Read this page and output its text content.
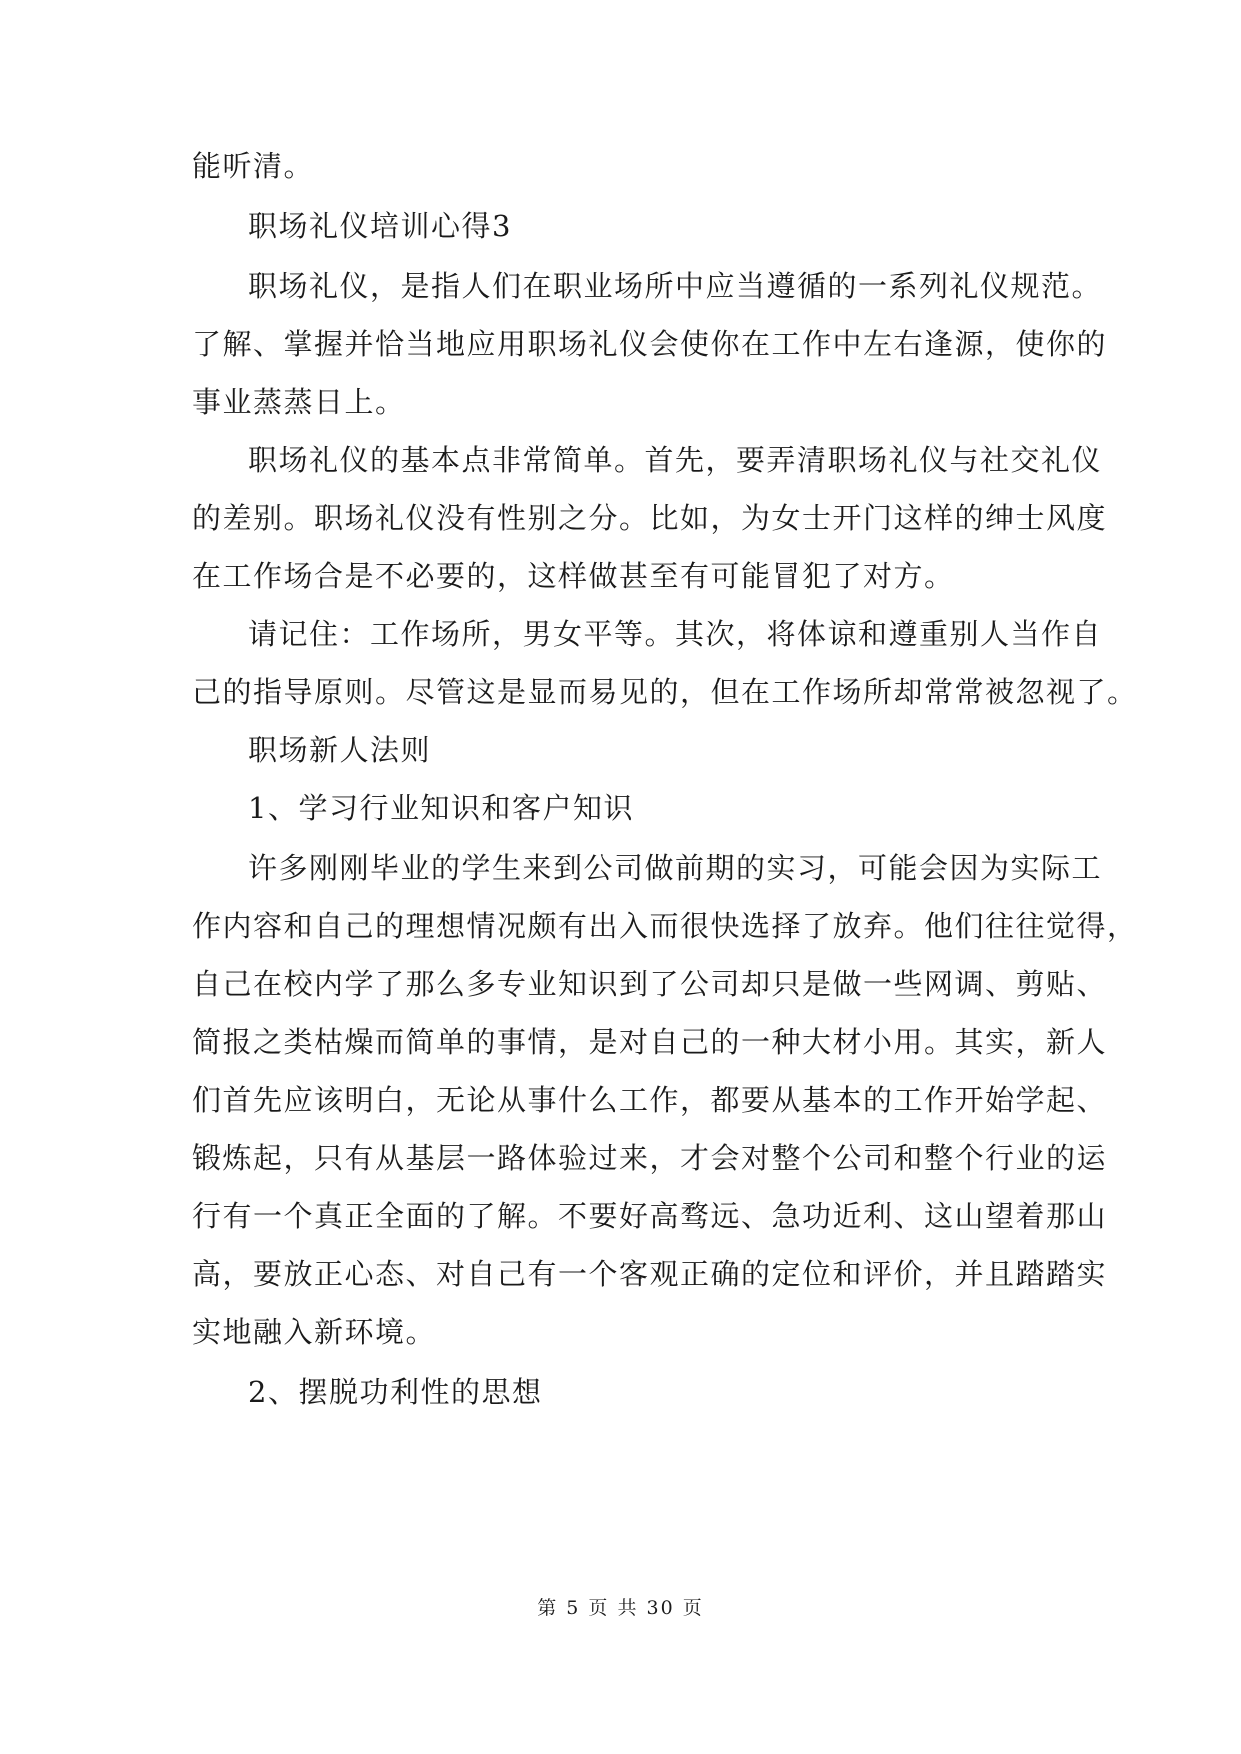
能听清。
职场礼仪培训心得3
职场礼仪，是指人们在职业场所中应当遵循的一系列礼仪规范。
了解、掌握并恰当地应用职场礼仪会使你在工作中左右逢源，使你的
事业蒸蒸日上。
职场礼仪的基本点非常简单。首先，要弄清职场礼仪与社交礼仪
的差别。职场礼仪没有性别之分。比如，为女士开门这样的绅士风度
在工作场合是不必要的，这样做甚至有可能冒犯了对方。
请记住：工作场所，男女平等。其次，将体谅和遵重别人当作自
己的指导原则。尽管这是显而易见的，但在工作场所却常常被忽视了。
职场新人法则
1、学习行业知识和客户知识
许多刚刚毕业的学生来到公司做前期的实习，可能会因为实际工
作内容和自己的理想情况颇有出入而很快选择了放弃。他们往往觉得，
自己在校内学了那么多专业知识到了公司却只是做一些网调、剪贴、
简报之类枯燥而简单的事情，是对自己的一种大材小用。其实，新人
们首先应该明白，无论从事什么工作，都要从基本的工作开始学起、
锻炼起，只有从基层一路体验过来，才会对整个公司和整个行业的运
行有一个真正全面的了解。不要好高骛远、急功近利、这山望着那山
高，要放正心态、对自己有一个客观正确的定位和评价，并且踏踏实
实地融入新环境。
2、摆脱功利性的思想
第 5 页 共 30 页
